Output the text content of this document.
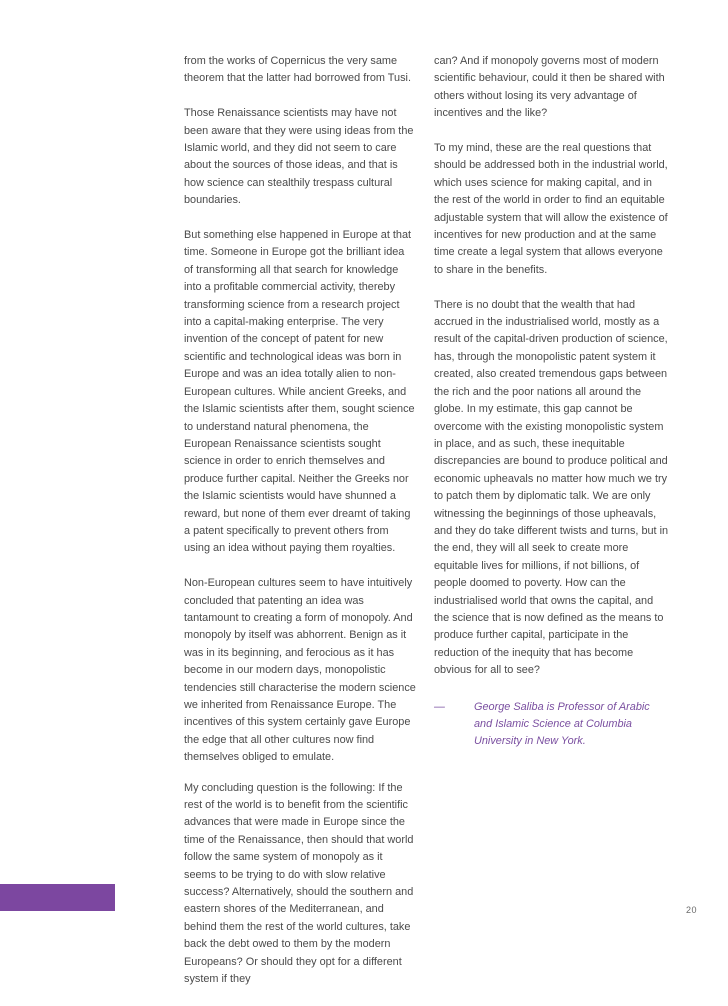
from the works of Copernicus the very same theorem that the latter had borrowed from Tusi.

Those Renaissance scientists may have not been aware that they were using ideas from the Islamic world, and they did not seem to care about the sources of those ideas, and that is how science can stealthily trespass cultural boundaries.

But something else happened in Europe at that time. Someone in Europe got the brilliant idea of transforming all that search for knowledge into a profitable commercial activity, thereby transforming science from a research project into a capital-making enterprise. The very invention of the concept of patent for new scientific and technological ideas was born in Europe and was an idea totally alien to non-European cultures. While ancient Greeks, and the Islamic scientists after them, sought science to understand natural phenomena, the European Renaissance scientists sought science in order to enrich themselves and produce further capital. Neither the Greeks nor the Islamic scientists would have shunned a reward, but none of them ever dreamt of taking a patent specifically to prevent others from using an idea without paying them royalties.

Non-European cultures seem to have intuitively concluded that patenting an idea was tantamount to creating a form of monopoly. And monopoly by itself was abhorrent. Benign as it was in its beginning, and ferocious as it has become in our modern days, monopolistic tendencies still characterise the modern science we inherited from Renaissance Europe. The incentives of this system certainly gave Europe the edge that all other cultures now find themselves obliged to emulate.

My concluding question is the following: If the rest of the world is to benefit from the scientific advances that were made in Europe since the time of the Renaissance, then should that world follow the same system of monopoly as it seems to be trying to do with slow relative success? Alternatively, should the southern and eastern shores of the Mediterranean, and behind them the rest of the world cultures, take back the debt owed to them by the modern Europeans? Or should they opt for a different system if they

can? And if monopoly governs most of modern scientific behaviour, could it then be shared with others without losing its very advantage of incentives and the like?

To my mind, these are the real questions that should be addressed both in the industrial world, which uses science for making capital, and in the rest of the world in order to find an equitable adjustable system that will allow the existence of incentives for new production and at the same time create a legal system that allows everyone to share in the benefits.

There is no doubt that the wealth that had accrued in the industrialised world, mostly as a result of the capital-driven production of science, has, through the monopolistic patent system it created, also created tremendous gaps between the rich and the poor nations all around the globe. In my estimate, this gap cannot be overcome with the existing monopolistic system in place, and as such, these inequitable discrepancies are bound to produce political and economic upheavals no matter how much we try to patch them by diplomatic talk. We are only witnessing the beginnings of those upheavals, and they do take different twists and turns, but in the end, they will all seek to create more equitable lives for millions, if not billions, of people doomed to poverty. How can the industrialised world that owns the capital, and the science that is now defined as the means to produce further capital, participate in the reduction of the inequity that has become obvious for all to see?

—	George Saliba is Professor of Arabic and Islamic Science at Columbia University in New York.
20
